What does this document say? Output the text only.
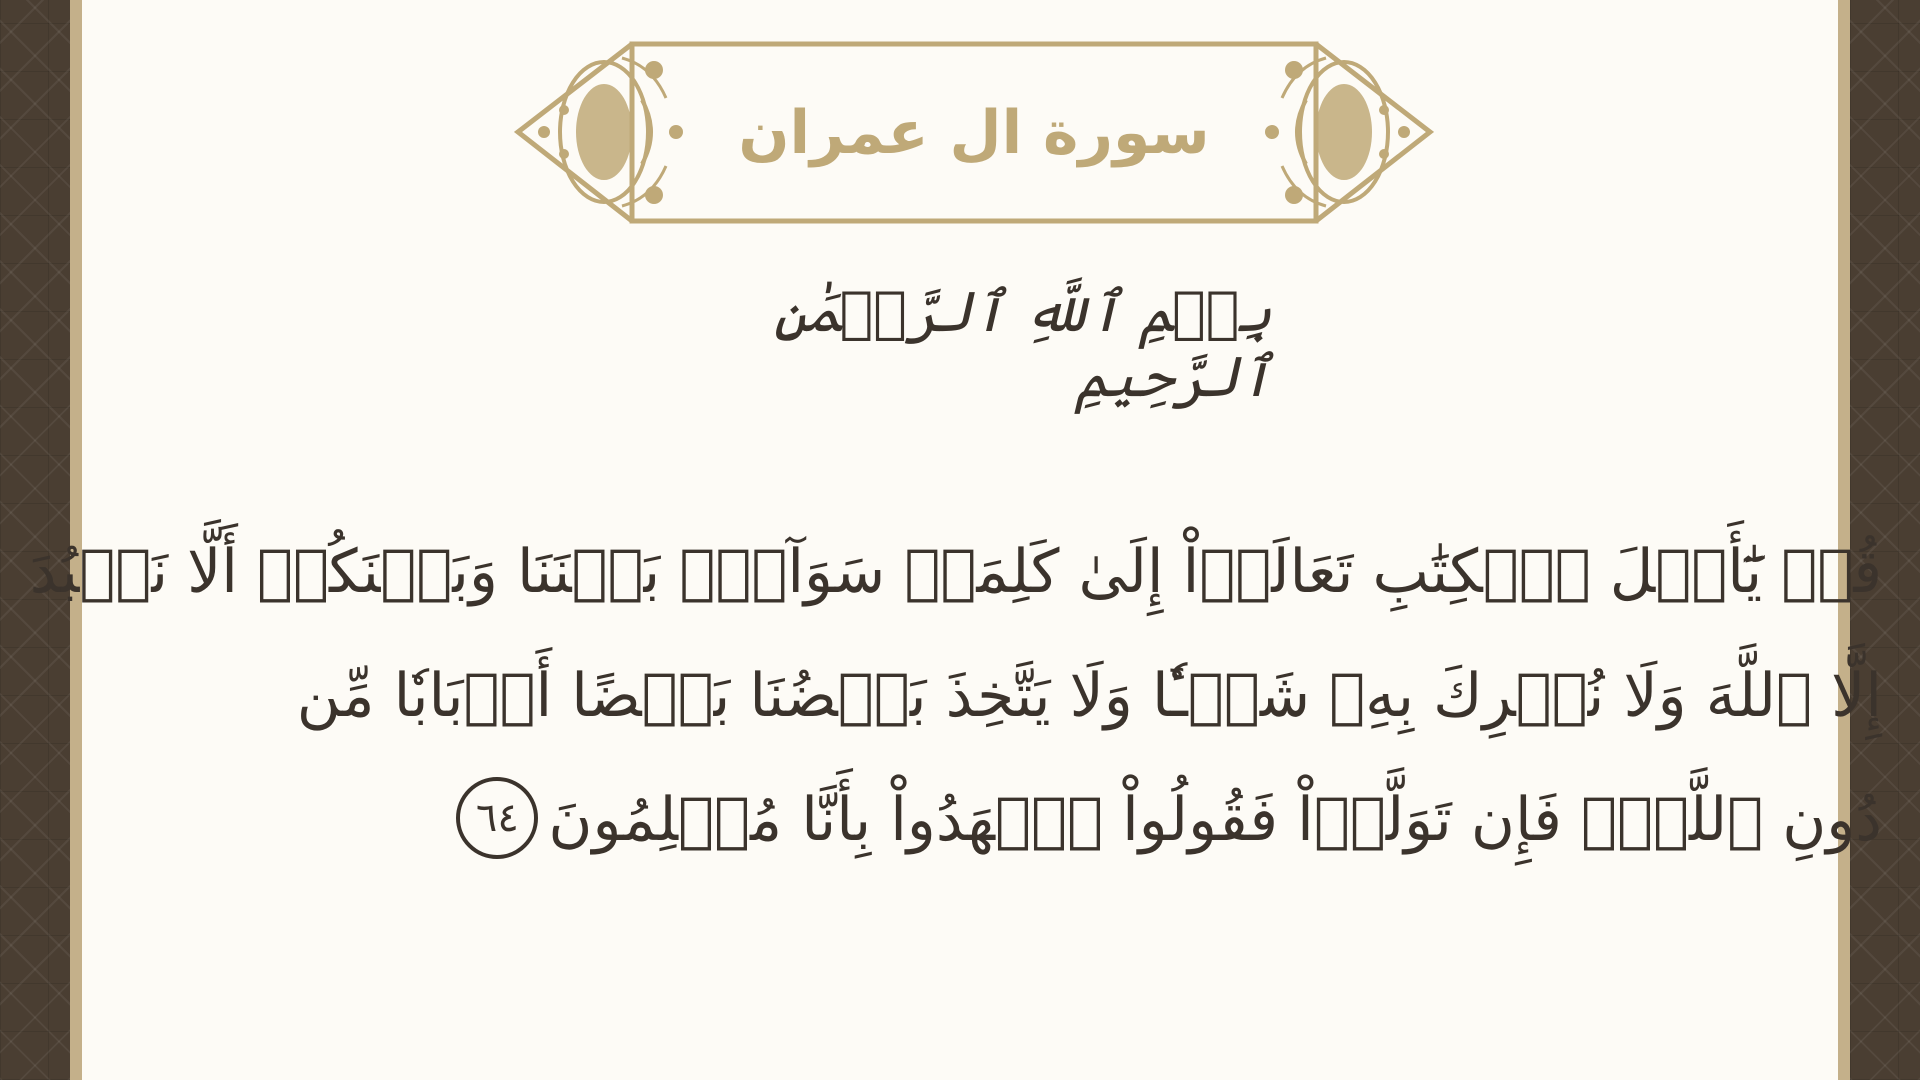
سورة ال عمران
بِسۡمِ ٱللَّهِ ٱلرَّحۡمَٰنِ ٱلرَّحِيمِ
قُلۡ يَٰٓأَهۡلَ ٱلۡكِتَٰبِ تَعَالَوۡاْ إِلَىٰ كَلِمَةٖ سَوَآءِۭ بَيۡنَنَا وَبَيۡنَكُمۡ أَلَّا نَعۡبُدَ
إِلَّا ٱللَّهَ وَلَا نُشۡرِكَ بِهِۦ شَيۡـٔٗا وَلَا يَتَّخِذَ بَعۡضُنَا بَعۡضًا أَرۡبَابٗا مِّن
دُونِ ٱللَّهِۚ فَإِن تَوَلَّوۡاْ فَقُولُواْ ٱشۡهَدُواْ بِأَنَّا مُسۡلِمُونَ٦٤
